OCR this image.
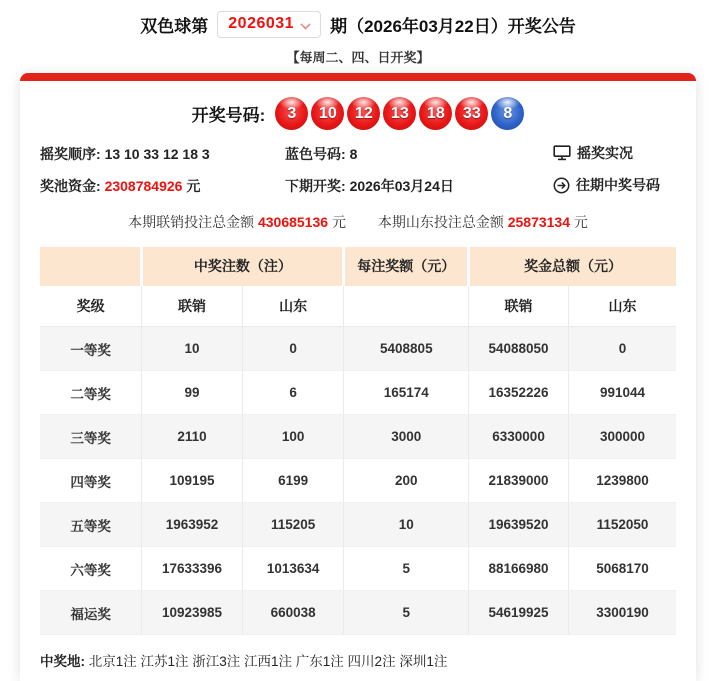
双色球第 2026031 期（2026年03月22日）开奖公告
【每周二、四、日开奖】
开奖号码:	3	10	12	13	18	33	8
摇奖顺序: 13 10 33 12 18 3	蓝色号码: 8	摇奖实况
奖池资金: 2308784926 元	下期开奖: 2026年03月24日	往期中奖号码
本期联销投注总金额 430685136 元 本期山东投注总金额 25873134 元
	中奖注数（注）		每注奖额（元）	奖金总额（元）	
奖级	联销	山东		联销	山东
一等奖	10	0	5408805	54088050	0
二等奖	99	6	165174	16352226	991044
三等奖	2110	100	3000	6330000	300000
四等奖	109195	6199	200	21839000	1239800
五等奖	1963952	115205	10	19639520	1152050
六等奖	17633396	1013634	5	88166980	5068170
福运奖	10923985	660038	5	54619925	3300190
中奖地: 北京1注 江苏1注 浙江3注 江西1注 广东1注 四川2注 深圳1注
